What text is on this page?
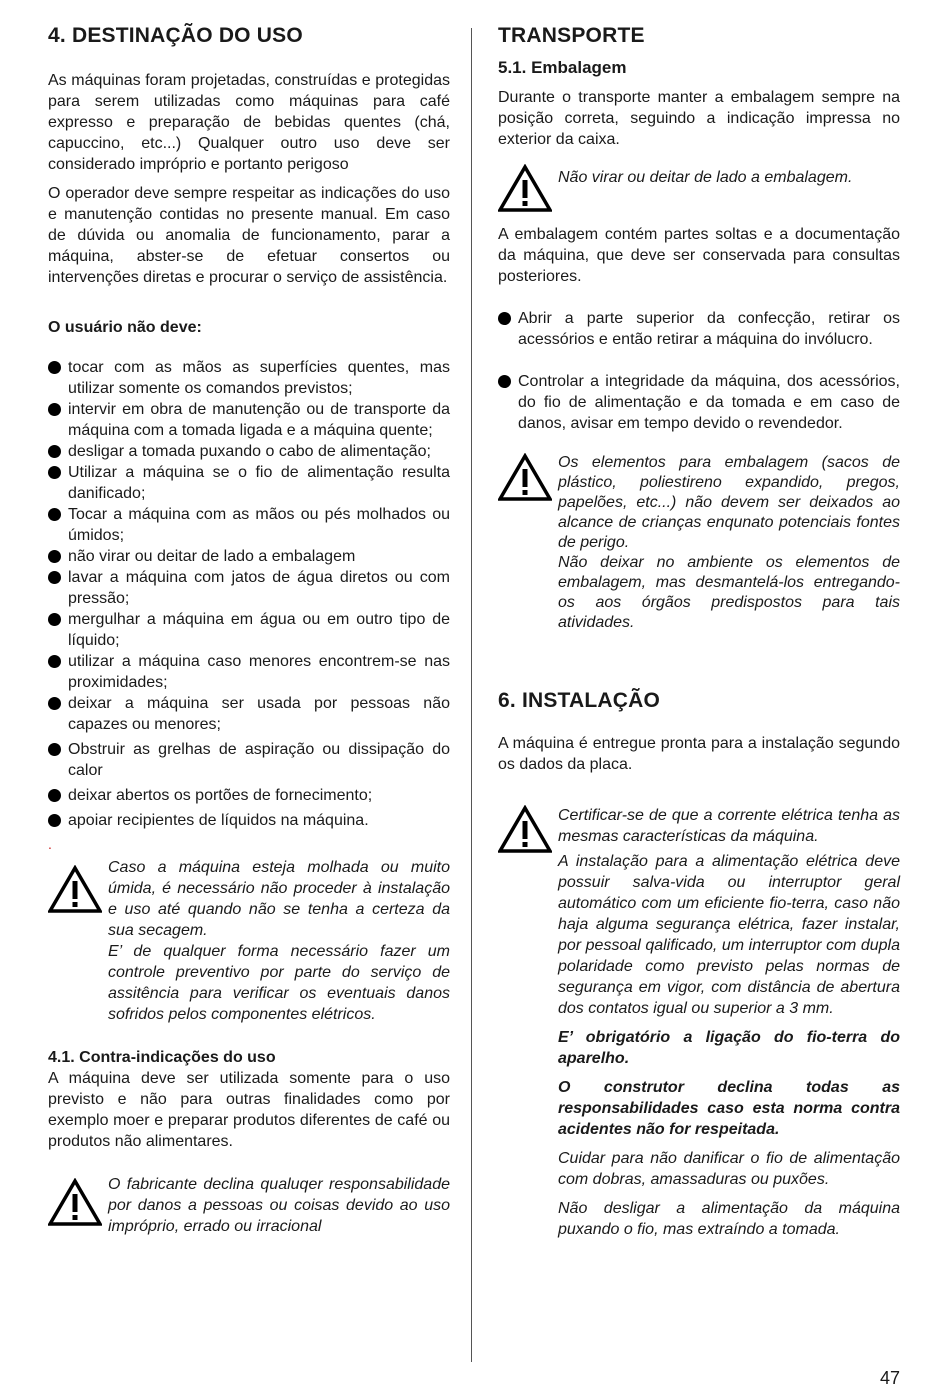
4. DESTINAÇÃO DO USO

As máquinas foram projetadas, construídas e protegidas para serem utilizadas como máquinas para café expresso e preparação de bebidas quentes (chá, capuccino, etc...) Qualquer outro uso deve ser considerado impróprio e portanto perigoso

O operador deve sempre respeitar as indicações do uso e manutenção contidas no presente manual. Em caso de dúvida ou anomalia de funcionamento, parar a máquina, abster-se de efetuar consertos ou intervenções diretas e procurar o serviço de assistência.

O usuário não deve:
tocar com as mãos as superfícies quentes, mas utilizar somente os comandos previstos;
intervir em obra de manutenção ou de transporte da máquina com a tomada ligada e a máquina quente;
desligar a tomada puxando o cabo de alimentação;
Utilizar a máquina se o fio de alimentação resulta danificado;
Tocar a máquina com as mãos ou pés molhados ou úmidos;
não virar ou deitar de lado a embalagem
lavar a máquina com jatos de água diretos ou com pressão;
mergulhar a máquina em água ou em outro tipo de líquido;
utilizar a máquina caso menores encontrem-se nas proximidades;
deixar a máquina ser usada por pessoas não capazes ou menores;
Obstruir as grelhas de aspiração ou dissipação do calor
deixar abertos os portões de fornecimento;
apoiar recipientes de líquidos na máquina.
.

Caso a máquina esteja molhada ou muito úmida, é necessário não proceder à instalação e uso até quando não se tenha a certeza da sua secagem.

E’ de qualquer forma necessário fazer um controle preventivo por parte do serviço de assitência para verificar os eventuais danos sofridos pelos componentes elétricos.

4.1. Contra-indicações do uso

A máquina deve ser utilizada somente para o uso previsto e não para outras finalidades como por exemplo moer e preparar produtos diferentes de café ou produtos não alimentares.

O fabricante declina qualuqer responsabilidade por danos a pessoas ou coisas devido ao uso impróprio, errado ou irracional

TRANSPORTE
5.1. Embalagem

Durante o transporte manter a embalagem sempre na posição correta, seguindo a indicação impressa no exterior da caixa.

Não virar ou deitar de lado a embalagem.

A embalagem contém partes soltas e a documentação da máquina, que deve ser conservada para consultas posteriores.

Abrir a parte superior da confecção, retirar os acessórios e então retirar a máquina do invólucro.
Controlar a integridade da máquina, dos acessórios, do fio de alimentação e da tomada e em caso de danos, avisar em tempo devido o revendedor.

Os elementos para embalagem (sacos de plástico, poliestireno expandido, pregos, papelões, etc...) não devem ser deixados ao alcance de crianças enqunato potenciais fontes de perigo.

Não deixar no ambiente os elementos de embalagem, mas desmantelá-los entregando-os aos órgãos predispostos para tais atividades.

6. INSTALAÇÃO

A máquina é entregue pronta para a instalação segundo os dados da placa.

Certificar-se de que a corrente elétrica tenha as mesmas características da máquina.

A instalação para a alimentação elétrica deve possuir salva-vida ou interruptor geral automático com um eficiente fio-terra, caso não haja alguma segurança elétrica, fazer instalar, por pessoal qalificado, um interruptor com dupla polaridade como previsto pelas normas de segurança em vigor, com distância de abertura dos contatos igual ou superior a 3 mm.

E’ obrigatório a ligação do fio-terra do aparelho.

O construtor declina todas as responsabilidades caso esta norma contra acidentes não for respeitada.

Cuidar para não danificar o fio de alimentação com dobras, amassaduras ou puxões.

Não desligar a alimentação da máquina puxando o fio, mas extraíndo a tomada.

47
